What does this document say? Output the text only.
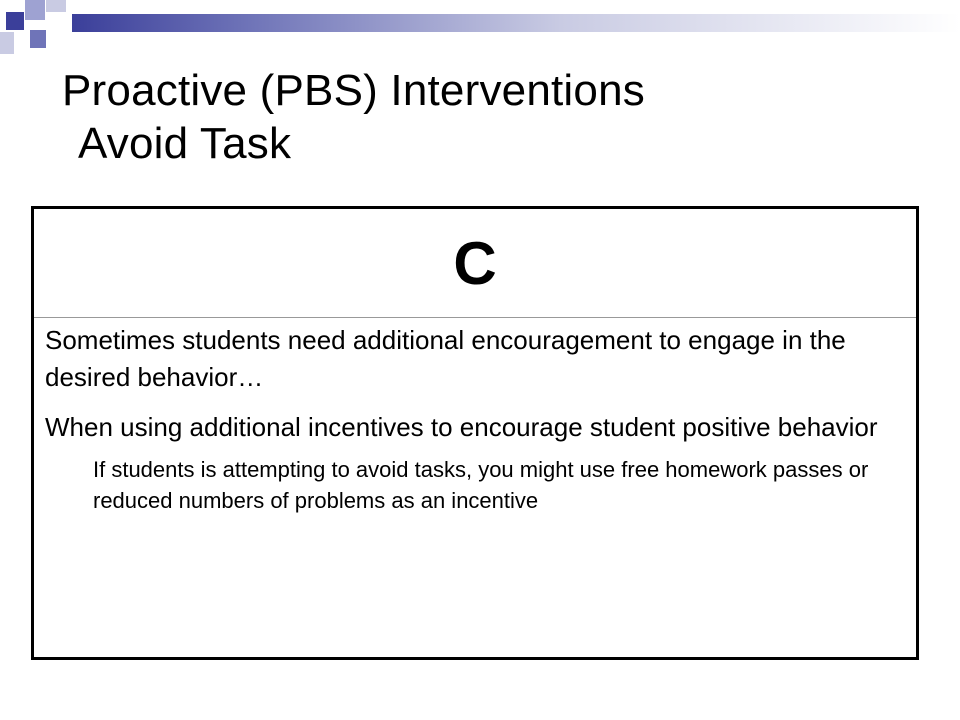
Proactive (PBS) Interventions
Avoid Task
C

Sometimes students need additional encouragement to engage in the desired behavior…

When using additional incentives to encourage student positive behavior

If students is attempting to avoid tasks, you might use free homework passes or reduced numbers of problems as an incentive
